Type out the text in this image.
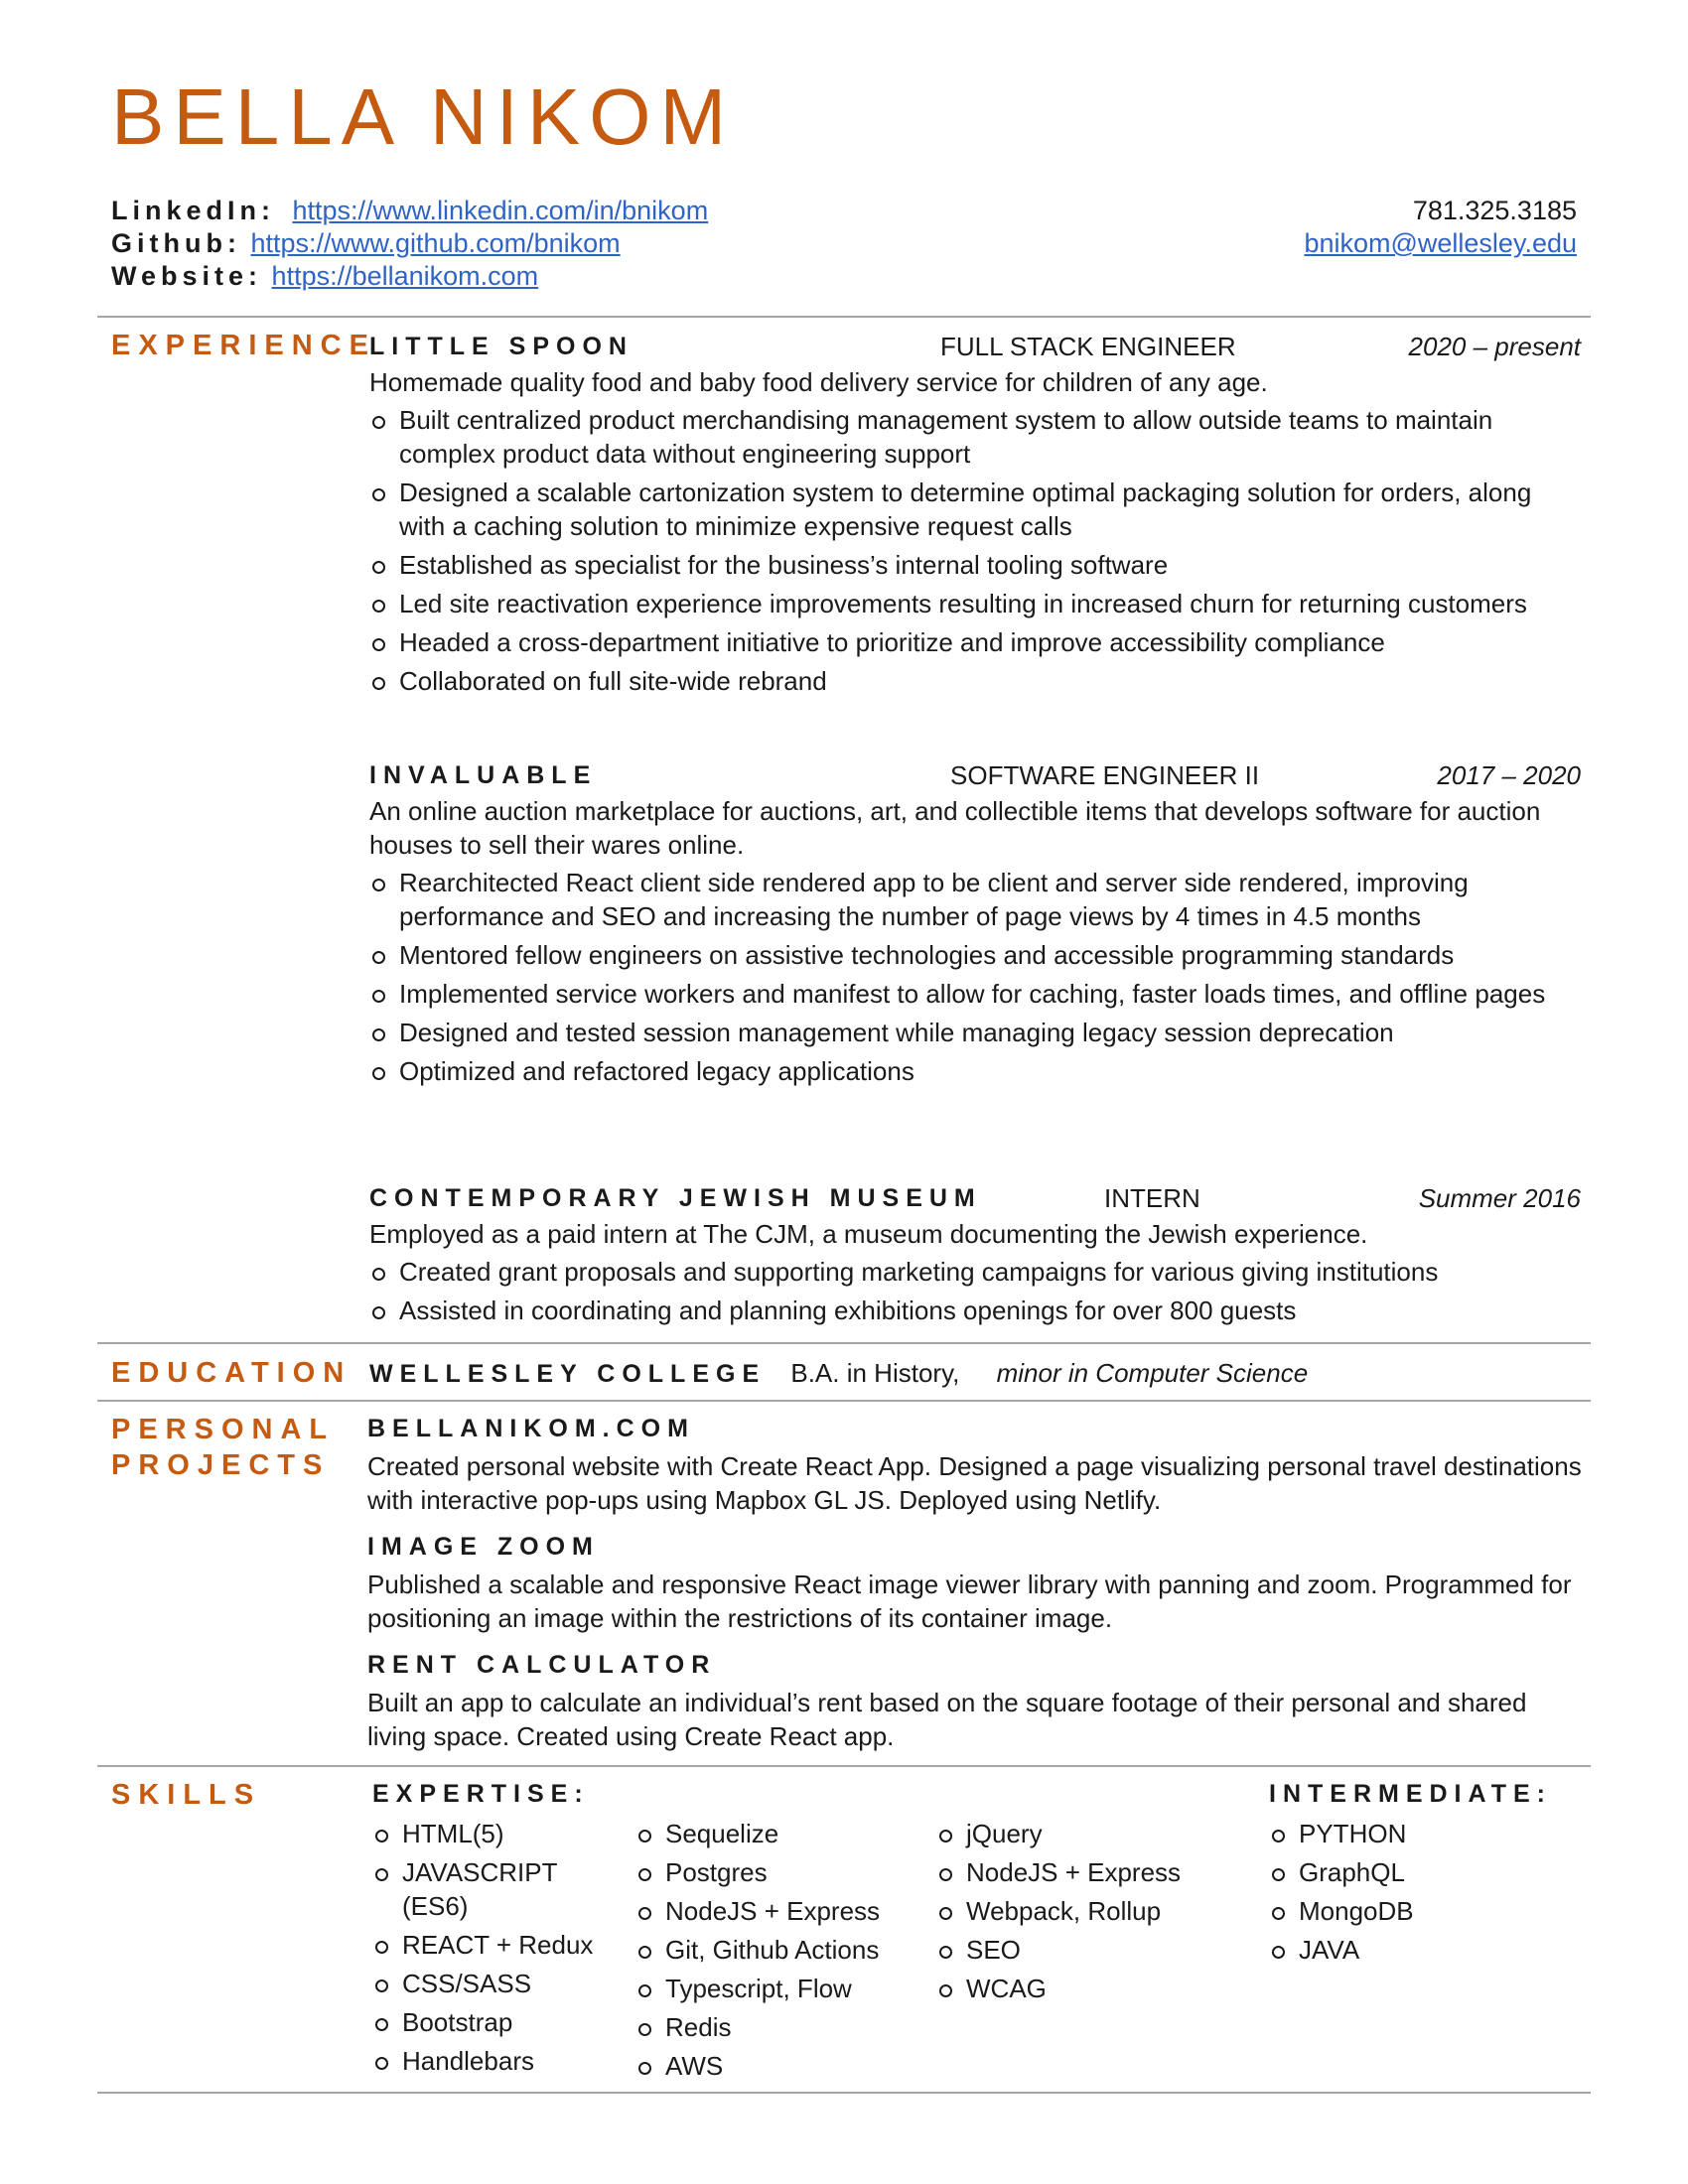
BELLA NIKOM
LinkedIn: https://www.linkedin.com/in/bnikom
Github: https://www.github.com/bnikom
Website: https://bellanikom.com
781.325.3185
bnikom@wellesley.edu
EXPERIENCE
LITTLE SPOON	FULL STACK ENGINEER	2020 – present
Homemade quality food and baby food delivery service for children of any age.
Built centralized product merchandising management system to allow outside teams to maintain complex product data without engineering support
Designed a scalable cartonization system to determine optimal packaging solution for orders, along with a caching solution to minimize expensive request calls
Established as specialist for the business’s internal tooling software
Led site reactivation experience improvements resulting in increased churn for returning customers
Headed a cross-department initiative to prioritize and improve accessibility compliance
Collaborated on full site-wide rebrand
INVALUABLE	SOFTWARE ENGINEER II	2017 – 2020
An online auction marketplace for auctions, art, and collectible items that develops software for auction houses to sell their wares online.
Rearchitected React client side rendered app to be client and server side rendered, improving performance and SEO and increasing the number of page views by 4 times in 4.5 months
Mentored fellow engineers on assistive technologies and accessible programming standards
Implemented service workers and manifest to allow for caching, faster loads times, and offline pages
Designed and tested session management while managing legacy session deprecation
Optimized and refactored legacy applications
CONTEMPORARY JEWISH MUSEUM	INTERN	Summer 2016
Employed as a paid intern at The CJM, a museum documenting the Jewish experience.
Created grant proposals and supporting marketing campaigns for various giving institutions
Assisted in coordinating and planning exhibitions openings for over 800 guests
EDUCATION WELLESLEY COLLEGE B.A. in History, minor in Computer Science
PERSONAL
PROJECTS
BELLANIKOM.COM
Created personal website with Create React App. Designed a page visualizing personal travel destinations with interactive pop-ups using Mapbox GL JS. Deployed using Netlify.
IMAGE ZOOM
Published a scalable and responsive React image viewer library with panning and zoom. Programmed for positioning an image within the restrictions of its container image.
RENT CALCULATOR
Built an app to calculate an individual’s rent based on the square footage of their personal and shared living space. Created using Create React app.
SKILLS	EXPERTISE:	INTERMEDIATE:
HTML(5)
JAVASCRIPT (ES6)
REACT + Redux
CSS/SASS
Bootstrap
Handlebars
Sequelize
Postgres
NodeJS + Express
Git, Github Actions
Typescript, Flow
Redis
AWS
jQuery
NodeJS + Express
Webpack, Rollup
SEO
WCAG
PYTHON
GraphQL
MongoDB
JAVA
